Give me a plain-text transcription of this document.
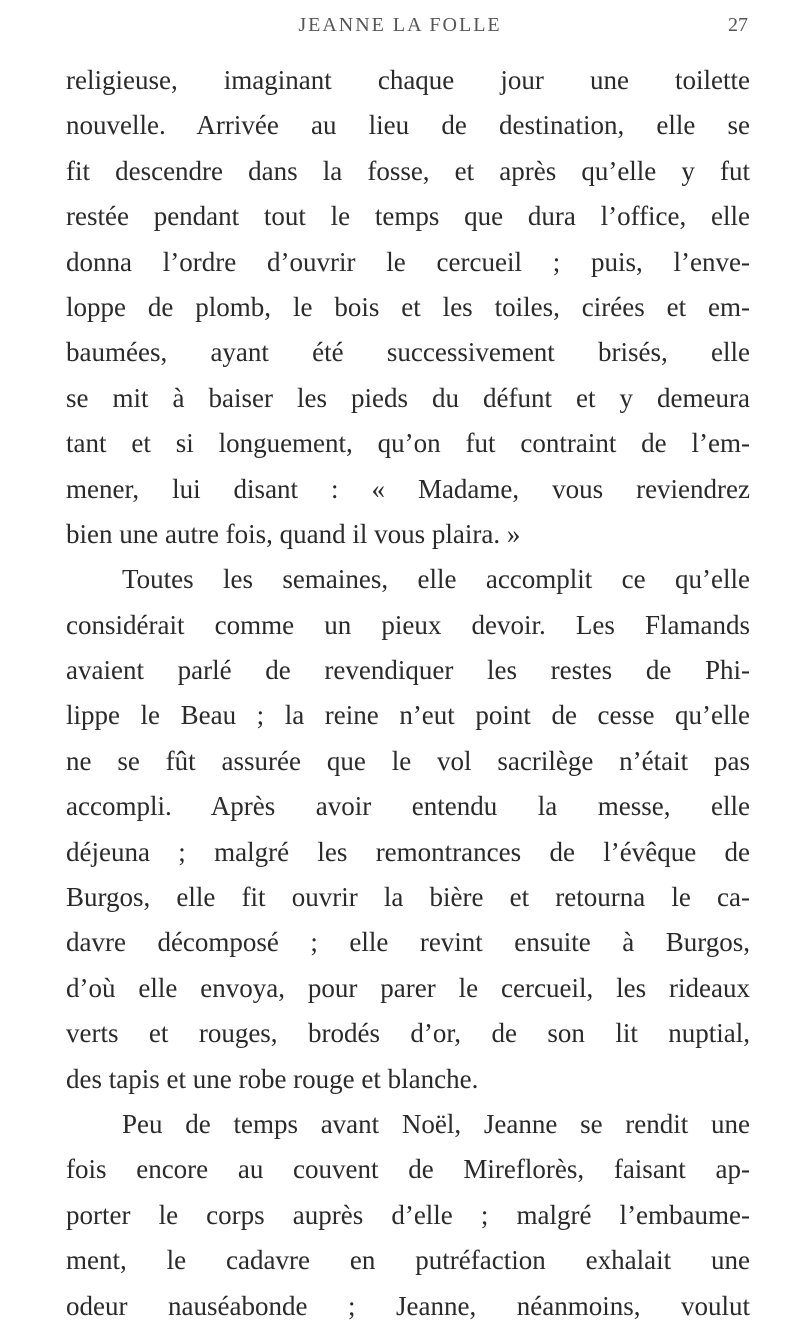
JEANNE LA FOLLE	27
religieuse, imaginant chaque jour une toilette
nouvelle. Arrivée au lieu de destination, elle se
fit descendre dans la fosse, et après qu’elle y fut
restée pendant tout le temps que dura l’office, elle
donna l’ordre d’ouvrir le cercueil ; puis, l’enve-
loppe de plomb, le bois et les toiles, cirées et em-
baumées, ayant été successivement brisés, elle
se mit à baiser les pieds du défunt et y demeura
tant et si longuement, qu’on fut contraint de l’em-
mener, lui disant : « Madame, vous reviendrez
bien une autre fois, quand il vous plaira. »
Toutes les semaines, elle accomplit ce qu’elle
considérait comme un pieux devoir. Les Flamands
avaient parlé de revendiquer les restes de Phi-
lippe le Beau ; la reine n’eut point de cesse qu’elle
ne se fût assurée que le vol sacrilège n’était pas
accompli. Après avoir entendu la messe, elle
déjeuna ; malgré les remontrances de l’évêque de
Burgos, elle fit ouvrir la bière et retourna le ca-
davre décomposé ; elle revint ensuite à Burgos,
d’où elle envoya, pour parer le cercueil, les rideaux
verts et rouges, brodés d’or, de son lit nuptial,
des tapis et une robe rouge et blanche.
Peu de temps avant Noël, Jeanne se rendit une
fois encore au couvent de Mireflorès, faisant ap-
porter le corps auprès d’elle ; malgré l’embaume-
ment, le cadavre en putréfaction exhalait une
odeur nauséabonde ; Jeanne, néanmoins, voulut
